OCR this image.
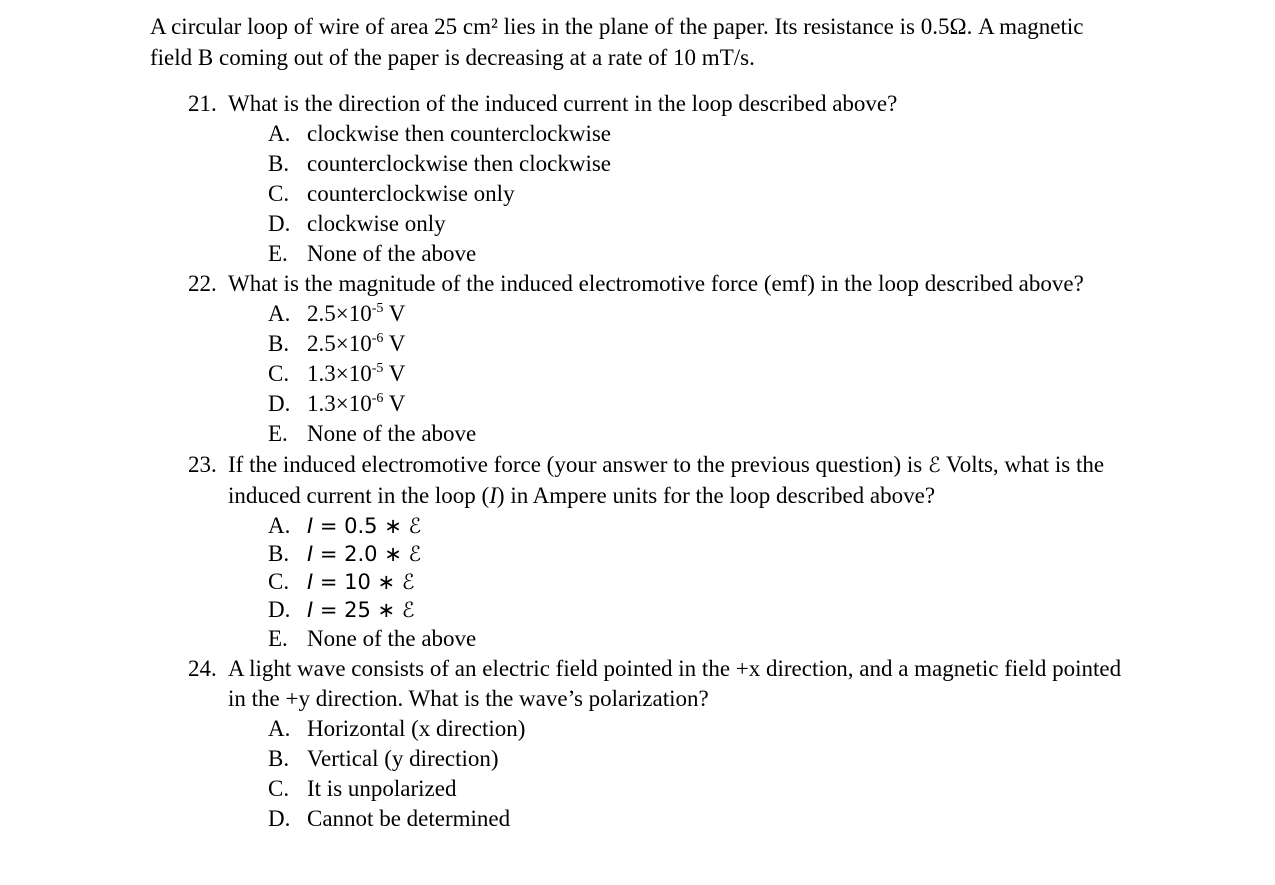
A circular loop of wire of area 25 cm² lies in the plane of the paper. Its resistance is 0.5Ω. A magnetic
field B coming out of the paper is decreasing at a rate of 10 mT/s.
21. What is the direction of the induced current in the loop described above?
A. clockwise then counterclockwise
B. counterclockwise then clockwise
C. counterclockwise only
D. clockwise only
E. None of the above
22. What is the magnitude of the induced electromotive force (emf) in the loop described above?
A. $2.5\times 10^{-5}$ V
B. $2.5\times 10^{-6}$ V
C. $1.3\times 10^{-5}$ V
D. $1.3\times 10^{-6}$ V
E. None of the above
23. If the induced electromotive force (your answer to the previous question) is ℰ Volts, what is the
induced current in the loop (I) in Ampere units for the loop described above?
A. I = 0.5 ∗ ℰ
B. I = 2.0 ∗ ℰ
C. I = 10 ∗ ℰ
D. I = 25 ∗ ℰ
E. None of the above
24. A light wave consists of an electric field pointed in the +x direction, and a magnetic field pointed
in the +y direction. What is the wave’s polarization?
A. Horizontal (x direction)
B. Vertical (y direction)
C. It is unpolarized
D. Cannot be determined
